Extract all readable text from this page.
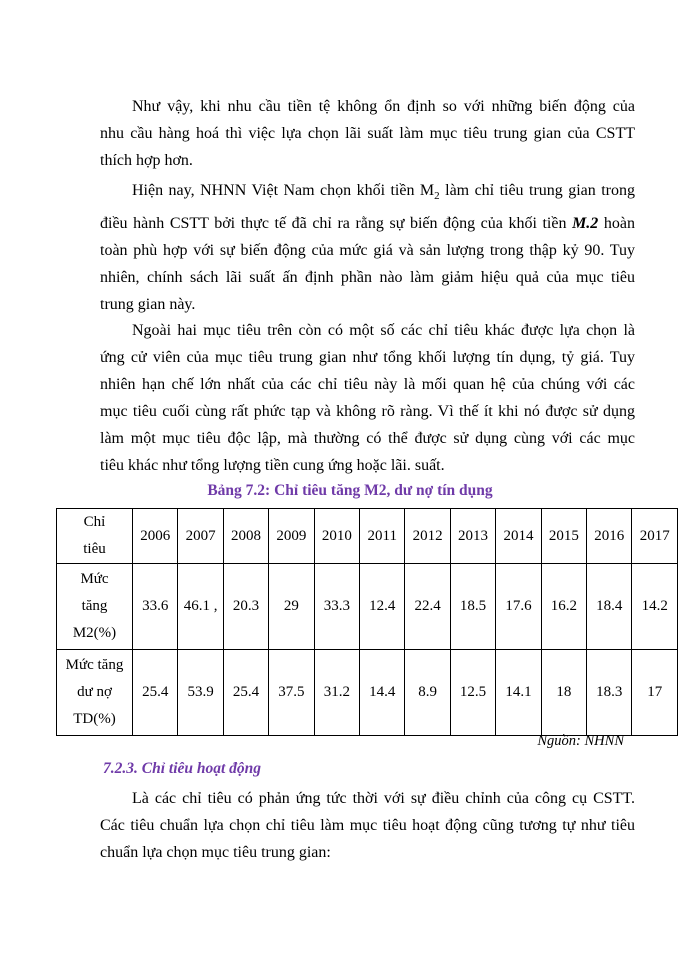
Như vậy, khi nhu cầu tiền tệ không ổn định so với những biến động của
nhu cầu hàng hoá thì việc lựa chọn lãi suất làm mục tiêu trung gian của CSTT
thích hợp hơn.
Hiện nay, NHNN Việt Nam chọn khối tiền $M_2$ làm chỉ tiêu trung gian trong
điều hành CSTT bởi thực tế đã chỉ ra rằng sự biến động của khối tiền M.2 hoàn
toàn phù hợp với sự biến động của mức giá và sản lượng trong thập kỷ 90. Tuy
nhiên, chính sách lãi suất ấn định phần nào làm giảm hiệu quả của mục tiêu
trung gian này.
Ngoài hai mục tiêu trên còn có một số các chỉ tiêu khác được lựa chọn là
ứng cử viên của mục tiêu trung gian như tổng khối lượng tín dụng, tỷ giá. Tuy
nhiên hạn chế lớn nhất của các chỉ tiêu này là mối quan hệ của chúng với các
mục tiêu cuối cùng rất phức tạp và không rõ ràng. Vì thế ít khi nó được sử dụng
làm một mục tiêu độc lập, mà thường có thể được sử dụng cùng với các mục
tiêu khác như tổng lượng tiền cung ứng hoặc lãi. suất.
Bảng 7.2: Chỉ tiêu tăng M2, dư nợ tín dụng
Chỉ
tiêu	2006	2007	2008	2009	2010	2011	2012	2013	2014	2015	2016	2017
Mức
tăng
M2(%)	33.6	46.1 ,	20.3	29	33.3	12.4	22.4	18.5	17.6	16.2	18.4	14.2
Mức tăng
dư nợ
TD(%)	25.4	53.9	25.4	37.5	31.2	14.4	8.9	12.5	14.1	18	18.3	17
Nguồn: NHNN
7.2.3. Chỉ tiêu hoạt động
Là các chỉ tiêu có phản ứng tức thời với sự điều chỉnh của công cụ CSTT.
Các tiêu chuẩn lựa chọn chỉ tiêu làm mục tiêu hoạt động cũng tương tự như tiêu
chuẩn lựa chọn mục tiêu trung gian:
